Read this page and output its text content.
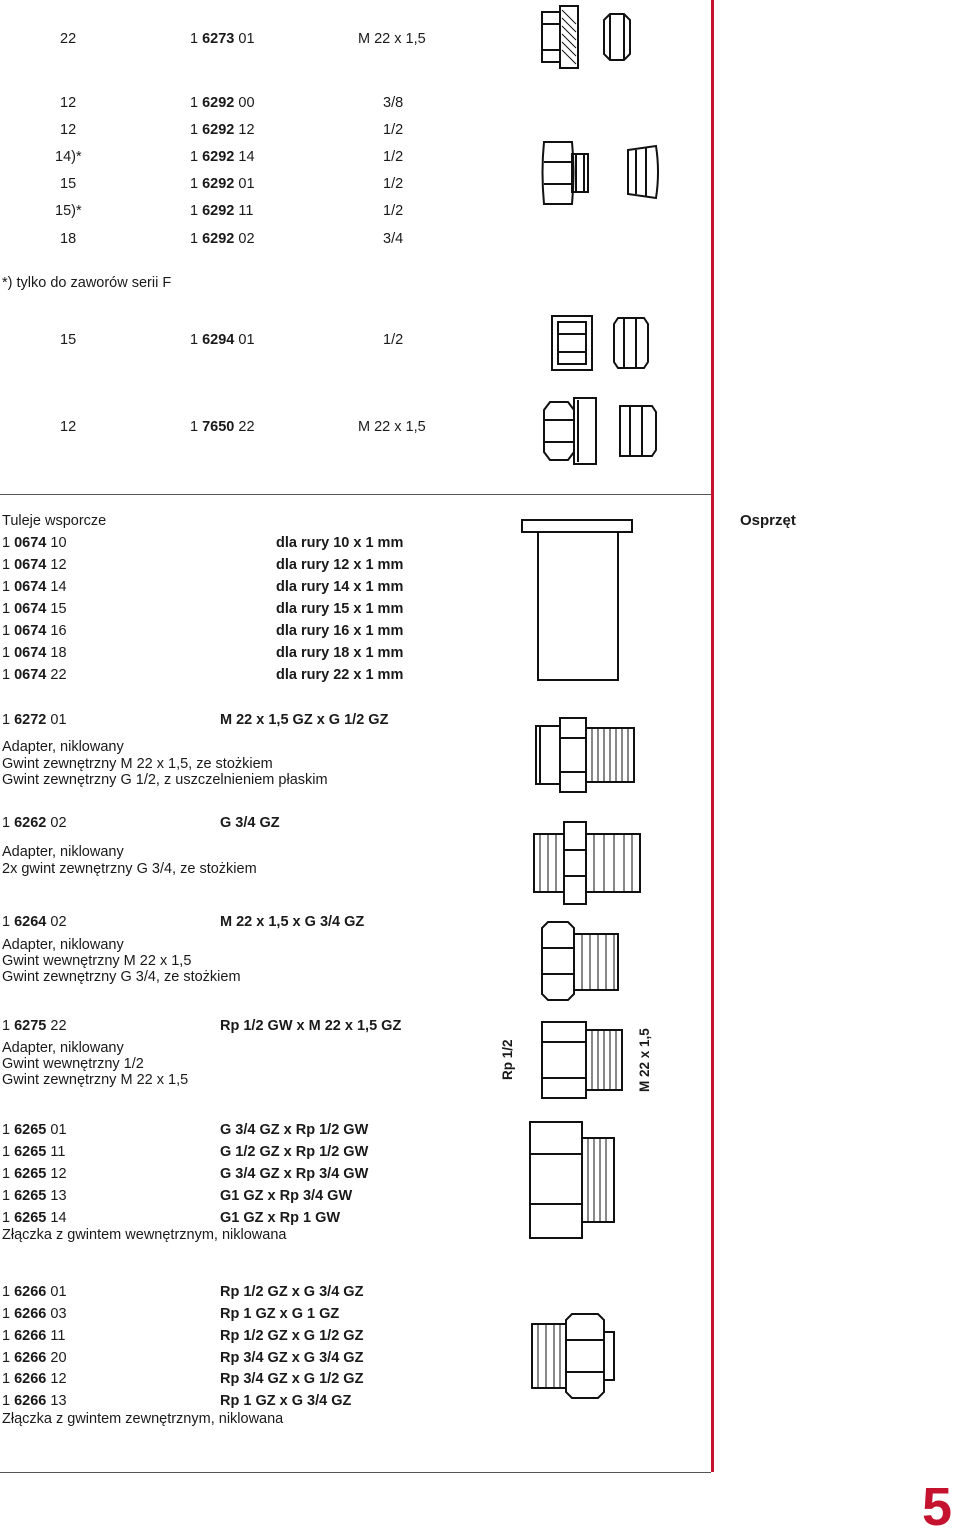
22	1 6273 01	M 22 x 1,5
12	1 6292 00	3/8
12	1 6292 12	1/2
14)*	1 6292 14	1/2
15	1 6292 01	1/2
15)*	1 6292 11	1/2
18	1 6292 02	3/4
*) tylko do zaworów serii F
15	1 6294 01	1/2
12	1 7650 22	M 22 x 1,5
Osprzęt
Tuleje wsporcze
1 0674 10	dla rury 10 x 1 mm
1 0674 12	dla rury 12 x 1 mm
1 0674 14	dla rury 14 x 1 mm
1 0674 15	dla rury 15 x 1 mm
1 0674 16	dla rury 16 x 1 mm
1 0674 18	dla rury 18 x 1 mm
1 0674 22	dla rury 22 x 1 mm
1 6272 01	M 22 x 1,5 GZ x G 1/2 GZ
Adapter, niklowany
Gwint zewnętrzny M 22 x 1,5, ze stożkiem
Gwint zewnętrzny G 1/2, z uszczelnieniem płaskim
1 6262 02	G 3/4 GZ
Adapter, niklowany
2x gwint zewnętrzny G 3/4, ze stożkiem
1 6264 02	M 22 x 1,5 x G 3/4 GZ
Adapter, niklowany
Gwint wewnętrzny M 22 x 1,5
Gwint zewnętrzny G 3/4, ze stożkiem
1 6275 22	Rp 1/2 GW x M 22 x 1,5 GZ
Adapter, niklowany
Gwint wewnętrzny 1/2
Gwint zewnętrzny M 22 x 1,5	Rp 1/2	M 22 x 1,5
1 6265 01	G 3/4 GZ x Rp 1/2 GW
1 6265 11	G 1/2 GZ x Rp 1/2 GW
1 6265 12	G 3/4 GZ x Rp 3/4 GW
1 6265 13	G1 GZ x Rp 3/4 GW
1 6265 14	G1 GZ x Rp 1 GW
Złączka z gwintem wewnętrznym, niklowana
1 6266 01	Rp 1/2 GZ x G 3/4 GZ
1 6266 03	Rp 1 GZ x G 1 GZ
1 6266 11	Rp 1/2 GZ x G 1/2 GZ
1 6266 20	Rp 3/4 GZ x G 3/4 GZ
1 6266 12	Rp 3/4 GZ x G 1/2 GZ
1 6266 13	Rp 1 GZ x G 3/4 GZ
Złączka z gwintem zewnętrznym, niklowana
5
